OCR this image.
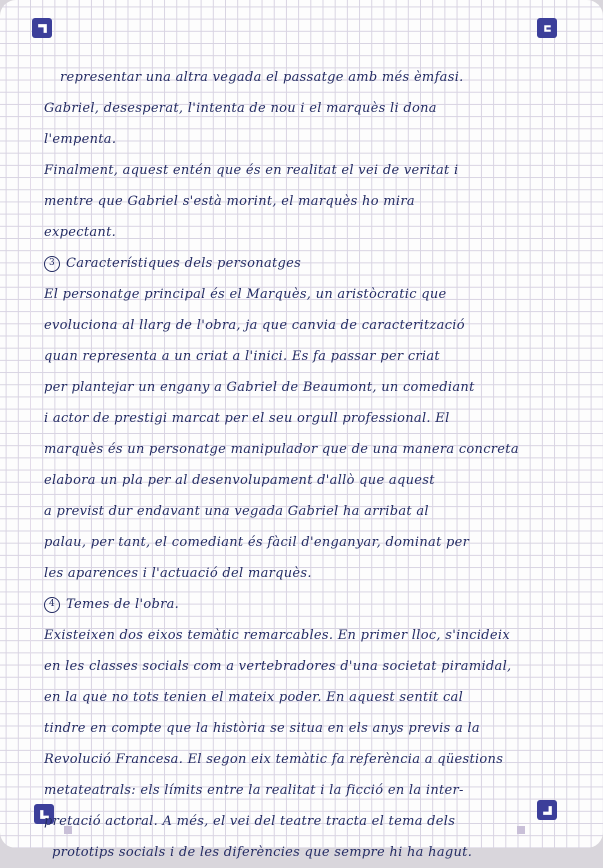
representar una altra vegada el passatge amb més èmfasi.
Gabriel, desesperat, l'intenta de nou i el marquès li dona
l'empenta.
Finalment, aquest entén que és en realitat el vei de veritat i
mentre que Gabriel s'està morint, el marquès ho mira
expectant.
3 Característiques dels personatges
El personatge principal és el Marquès, un aristòcratic que
evoluciona al llarg de l'obra, ja que canvia de caracterització
quan representa a un criat a l'inici. Es fa passar per criat
per plantejar un engany a Gabriel de Beaumont, un comediant
i actor de prestigi marcat per el seu orgull professional. El
marquès és un personatge manipulador que de una manera concreta
elabora un pla per al desenvolupament d'allò que aquest
a previst dur endavant una vegada Gabriel ha arribat al
palau, per tant, el comediant és fàcil d'enganyar, dominat per
les aparences i l'actuació del marquès.
4 Temes de l'obra.
Existeixen dos eixos temàtic remarcables. En primer lloc, s'incideix
en les classes socials com a vertebradores d'una societat piramidal,
en la que no tots tenien el mateix poder. En aquest sentit cal
tindre en compte que la història se situa en els anys previs a la
Revolució Francesa. El segon eix temàtic fa referència a qüestions
metateatrals: els límits entre la realitat i la ficció en la inter-
pretació actoral. A més, el vei del teatre tracta el tema dels
prototips socials i de les diferències que sempre hi ha hagut.
